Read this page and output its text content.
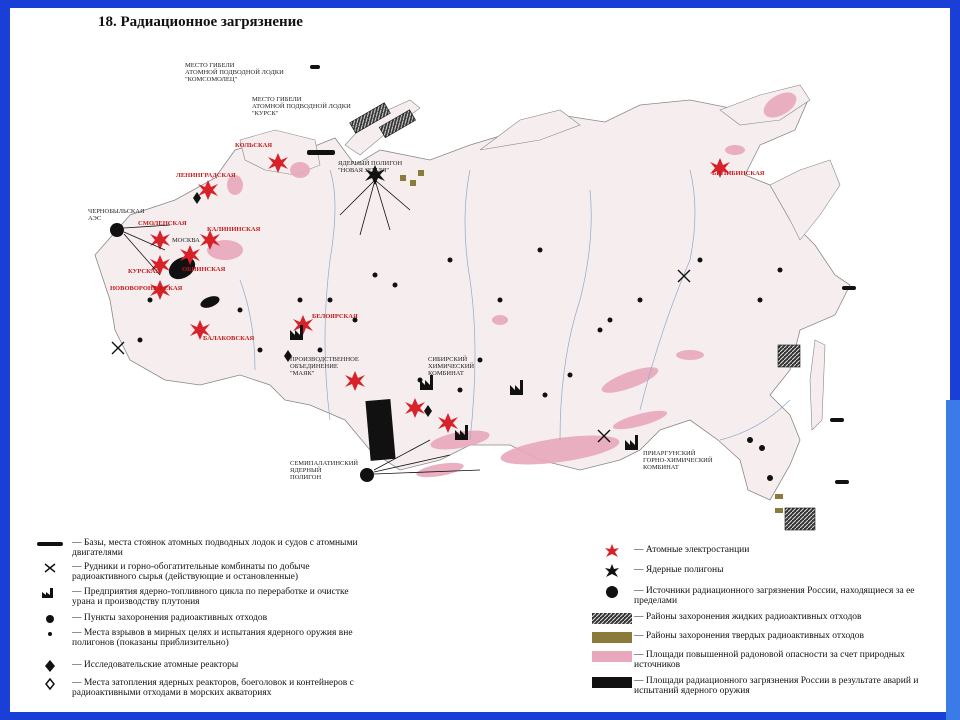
18. Радиационное загрязнение
МЕСТО ГИБЕЛИ
АТОМНОЙ ПОДВОДНОЙ ЛОДКИ
"КОМСОМОЛЕЦ"
МЕСТО ГИБЕЛИ
АТОМНОЙ ПОДВОДНОЙ ЛОДКИ
"КУРСК"
ЯДЕРНЫЙ ПОЛИГОН
"НОВАЯ ЗЕМЛЯ"
КОЛЬСКАЯ
ЛЕНИНГРАДСКАЯ
ЧЕРНОБЫЛЬСКАЯ
АЭС
СМОЛЕНСКАЯ
КАЛИНИНСКАЯ
МОСКВА
КУРСКАЯ	ОБНИНСКАЯ
НОВОВОРОНЕЖСКАЯ
БАЛАКОВСКАЯ
БЕЛОЯРСКАЯ
ПРОИЗВОДСТВЕННОЕ
ОБЪЕДИНЕНИЕ
"МАЯК"
СИБИРСКИЙ
ХИМИЧЕСКИЙ
КОМБИНАТ
СЕМИПАЛАТИНСКИЙ
ЯДЕРНЫЙ
ПОЛИГОН
ПРИАРГУНСКИЙ
ГОРНО-ХИМИЧЕСКИЙ
КОМБИНАТ
БИЛИБИНСКАЯ
— Базы, места стоянок атомных подводных лодок и судов с атомными двигателями
— Рудники и горно-обогатительные комбинаты по добыче радиоактивного сырья (действующие и остановленные)
— Предприятия ядерно-топливного цикла по переработке и очистке урана и производству плутония
— Пункты захоронения радиоактивных отходов
— Места взрывов в мирных целях и испытания ядерного оружия вне полигонов (показаны приблизительно)
— Исследовательские атомные реакторы
— Места затопления ядерных реакторов, боеголовок и контейнеров с радиоактивными отходами в морских акваториях
— Атомные электростанции
— Ядерные полигоны
— Источники радиационного загрязнения России, находящиеся за ее пределами
— Районы захоронения жидких радиоактивных отходов
— Районы захоронения твердых радиоактивных отходов
— Площади повышенной радоновой опасности за счет природных источников
— Площади радиационного загрязнения России в результате аварий и испытаний ядерного оружия
